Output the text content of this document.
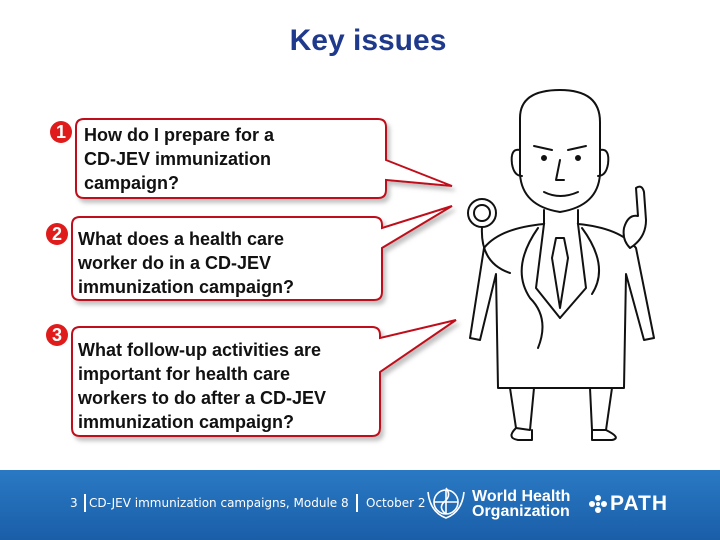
Key issues
1
2
3
How do I prepare for a
CD-JEV immunization
campaign?
What does a health care
worker do in a CD-JEV
immunization campaign?
What follow-up activities are
important for health care
workers to do after a CD-JEV
immunization campaign?
3 CD-JEV immunization campaigns, Module 8 October 2	World Health
Organization PATH
